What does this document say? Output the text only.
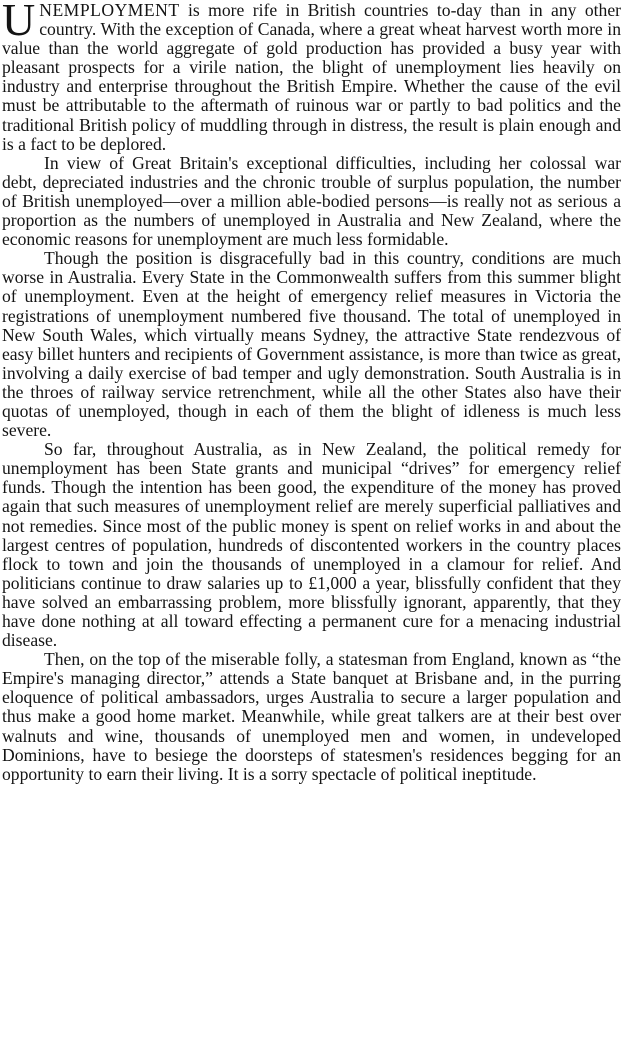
UNEMPLOYMENT is more rife in British countries to-day than in any other country. With the exception of Canada, where a great wheat harvest worth more in value than the world aggregate of gold production has provided a busy year with pleasant prospects for a virile nation, the blight of unemployment lies heavily on industry and enterprise throughout the British Empire. Whether the cause of the evil must be attributable to the aftermath of ruinous war or partly to bad politics and the traditional British policy of muddling through in distress, the result is plain enough and is a fact to be deplored.

In view of Great Britain's exceptional difficulties, including her colossal war debt, depreciated industries and the chronic trouble of surplus population, the number of British unemployed—over a million able-bodied persons—is really not as serious a proportion as the numbers of unemployed in Australia and New Zealand, where the economic reasons for unemployment are much less formidable.

Though the position is disgracefully bad in this country, conditions are much worse in Australia. Every State in the Commonwealth suffers from this summer blight of unemployment. Even at the height of emergency relief measures in Victoria the registrations of unemployment numbered five thousand. The total of unemployed in New South Wales, which virtually means Sydney, the attractive State rendezvous of easy billet hunters and recipients of Government assistance, is more than twice as great, involving a daily exercise of bad temper and ugly demonstration. South Australia is in the throes of railway service retrenchment, while all the other States also have their quotas of unemployed, though in each of them the blight of idleness is much less severe.

So far, throughout Australia, as in New Zealand, the political remedy for unemployment has been State grants and municipal “drives” for emergency relief funds. Though the intention has been good, the expenditure of the money has proved again that such measures of unemployment relief are merely superficial palliatives and not remedies. Since most of the public money is spent on relief works in and about the largest centres of population, hundreds of discontented workers in the country places flock to town and join the thousands of unemployed in a clamour for relief. And politicians continue to draw salaries up to £1,000 a year, blissfully confident that they have solved an embarrassing problem, more blissfully ignorant, apparently, that they have done nothing at all toward effecting a permanent cure for a menacing industrial disease.

Then, on the top of the miserable folly, a statesman from England, known as “the Empire's managing director,” attends a State banquet at Brisbane and, in the purring eloquence of political ambassadors, urges Australia to secure a larger population and thus make a good home market. Meanwhile, while great talkers are at their best over walnuts and wine, thousands of unemployed men and women, in undeveloped Dominions, have to besiege the doorsteps of statesmen's residences begging for an opportunity to earn their living. It is a sorry spectacle of political ineptitude.
